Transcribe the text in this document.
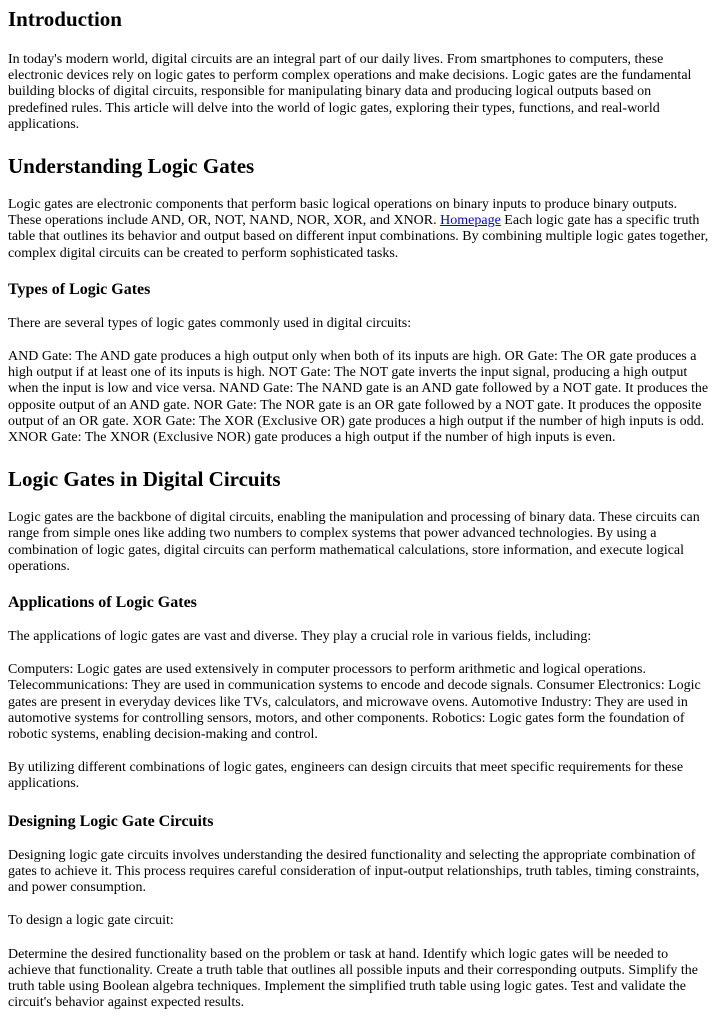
Introduction

In today's modern world, digital circuits are an integral part of our daily lives. From smartphones to computers, these electronic devices rely on logic gates to perform complex operations and make decisions. Logic gates are the fundamental building blocks of digital circuits, responsible for manipulating binary data and producing logical outputs based on predefined rules. This article will delve into the world of logic gates, exploring their types, functions, and real-world applications.

Understanding Logic Gates

Logic gates are electronic components that perform basic logical operations on binary inputs to produce binary outputs. These operations include AND, OR, NOT, NAND, NOR, XOR, and XNOR. Homepage Each logic gate has a specific truth table that outlines its behavior and output based on different input combinations. By combining multiple logic gates together, complex digital circuits can be created to perform sophisticated tasks.

Types of Logic Gates

There are several types of logic gates commonly used in digital circuits:

AND Gate: The AND gate produces a high output only when both of its inputs are high. OR Gate: The OR gate produces a high output if at least one of its inputs is high. NOT Gate: The NOT gate inverts the input signal, producing a high output when the input is low and vice versa. NAND Gate: The NAND gate is an AND gate followed by a NOT gate. It produces the opposite output of an AND gate. NOR Gate: The NOR gate is an OR gate followed by a NOT gate. It produces the opposite output of an OR gate. XOR Gate: The XOR (Exclusive OR) gate produces a high output if the number of high inputs is odd. XNOR Gate: The XNOR (Exclusive NOR) gate produces a high output if the number of high inputs is even.

Logic Gates in Digital Circuits

Logic gates are the backbone of digital circuits, enabling the manipulation and processing of binary data. These circuits can range from simple ones like adding two numbers to complex systems that power advanced technologies. By using a combination of logic gates, digital circuits can perform mathematical calculations, store information, and execute logical operations.

Applications of Logic Gates

The applications of logic gates are vast and diverse. They play a crucial role in various fields, including:

Computers: Logic gates are used extensively in computer processors to perform arithmetic and logical operations. Telecommunications: They are used in communication systems to encode and decode signals. Consumer Electronics: Logic gates are present in everyday devices like TVs, calculators, and microwave ovens. Automotive Industry: They are used in automotive systems for controlling sensors, motors, and other components. Robotics: Logic gates form the foundation of robotic systems, enabling decision-making and control.

By utilizing different combinations of logic gates, engineers can design circuits that meet specific requirements for these applications.

Designing Logic Gate Circuits

Designing logic gate circuits involves understanding the desired functionality and selecting the appropriate combination of gates to achieve it. This process requires careful consideration of input-output relationships, truth tables, timing constraints, and power consumption.

To design a logic gate circuit:

Determine the desired functionality based on the problem or task at hand. Identify which logic gates will be needed to achieve that functionality. Create a truth table that outlines all possible inputs and their corresponding outputs. Simplify the truth table using Boolean algebra techniques. Implement the simplified truth table using logic gates. Test and validate the circuit's behavior against expected results.
